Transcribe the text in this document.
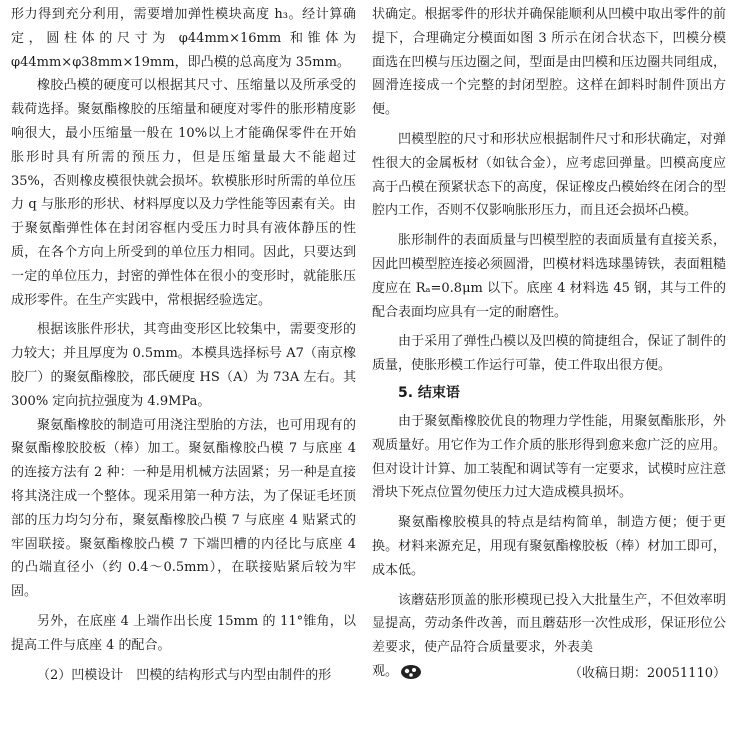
形力得到充分利用，需要增加弹性模块高度 h₃。经计算确定，圆柱体的尺寸为 φ44mm×16mm 和锥体为 φ44mm×φ38mm×19mm，即凸模的总高度为 35mm。

橡胶凸模的硬度可以根据其尺寸、压缩量以及所承受的载荷选择。聚氨酯橡胶的压缩量和硬度对零件的胀形精度影响很大，最小压缩量一般在 10%以上才能确保零件在开始胀形时具有所需的预压力，但是压缩量最大不能超过 35%，否则橡皮模很快就会损坏。软模胀形时所需的单位压力 q 与胀形的形状、材料厚度以及力学性能等因素有关。由于聚氨酯弹性体在封闭容框内受压力时具有液体静压的性质，在各个方向上所受到的单位压力相同。因此，只要达到一定的单位压力，封密的弹性体在很小的变形时，就能胀压成形零件。在生产实践中，常根据经验选定。

根据该胀件形状，其弯曲变形区比较集中，需要变形的力较大；并且厚度为 0.5mm。本模具选择标号 A7（南京橡胶厂）的聚氨酯橡胶，邵氏硬度 HS（A）为 73A 左右。其 300% 定向抗拉强度为 4.9MPa。

聚氨酯橡胶的制造可用浇注型胎的方法，也可用现有的聚氨酯橡胶胶板（棒）加工。聚氨酯橡胶凸模 7 与底座 4 的连接方法有 2 种：一种是用机械方法固紧；另一种是直接将其浇注成一个整体。现采用第一种方法，为了保证毛坯顶部的压力均匀分布，聚氨酯橡胶凸模 7 与底座 4 贴紧式的牢固联接。聚氨酯橡胶凸模 7 下端凹槽的内径比与底座 4 的凸端直径小（约 0.4～0.5mm），在联接贴紧后较为牢固。

另外，在底座 4 上端作出长度 15mm 的 11°锥角，以提高工件与底座 4 的配合。

（2）凹模设计　凹模的结构形式与内型由制件的形

状确定。根据零件的形状并确保能顺利从凹模中取出零件的前提下，合理确定分模面如图 3 所示在闭合状态下，凹模分模面选在凹模与压边圈之间，型面是由凹模和压边圈共同组成，圆滑连接成一个完整的封闭型腔。这样在卸料时制件顶出方便。

凹模型腔的尺寸和形状应根据制件尺寸和形状确定，对弹性很大的金属板材（如钛合金），应考虑回弹量。凹模高度应高于凸模在预紧状态下的高度，保证橡皮凸模始终在闭合的型腔内工作，否则不仅影响胀形压力，而且还会损坏凸模。

胀形制件的表面质量与凹模型腔的表面质量有直接关系，因此凹模型腔连接必须圆滑，凹模材料选球墨铸铁，表面粗糙度应在 Rₐ=0.8μm 以下。底座 4 材料选 45 钢，其与工件的配合表面均应具有一定的耐磨性。

由于采用了弹性凸模以及凹模的简捷组合，保证了制件的质量，使胀形模工作运行可靠，使工件取出很方便。

5. 结束语

由于聚氨酯橡胶优良的物理力学性能，用聚氨酯胀形，外观质量好。用它作为工作介质的胀形得到愈来愈广泛的应用。但对设计计算、加工装配和调试等有一定要求，试模时应注意滑块下死点位置勿使压力过大造成模具损坏。

聚氨酯橡胶模具的特点是结构简单，制造方便；便于更换。材料来源充足，用现有聚氨酯橡胶板（棒）材加工即可，成本低。

该蘑菇形顶盖的胀形模现已投入大批量生产，不但效率明显提高，劳动条件改善，而且蘑菇形一次性成形，保证形位公差要求，使产品符合质量要求，外表美

观。	（收稿日期：20051110）
